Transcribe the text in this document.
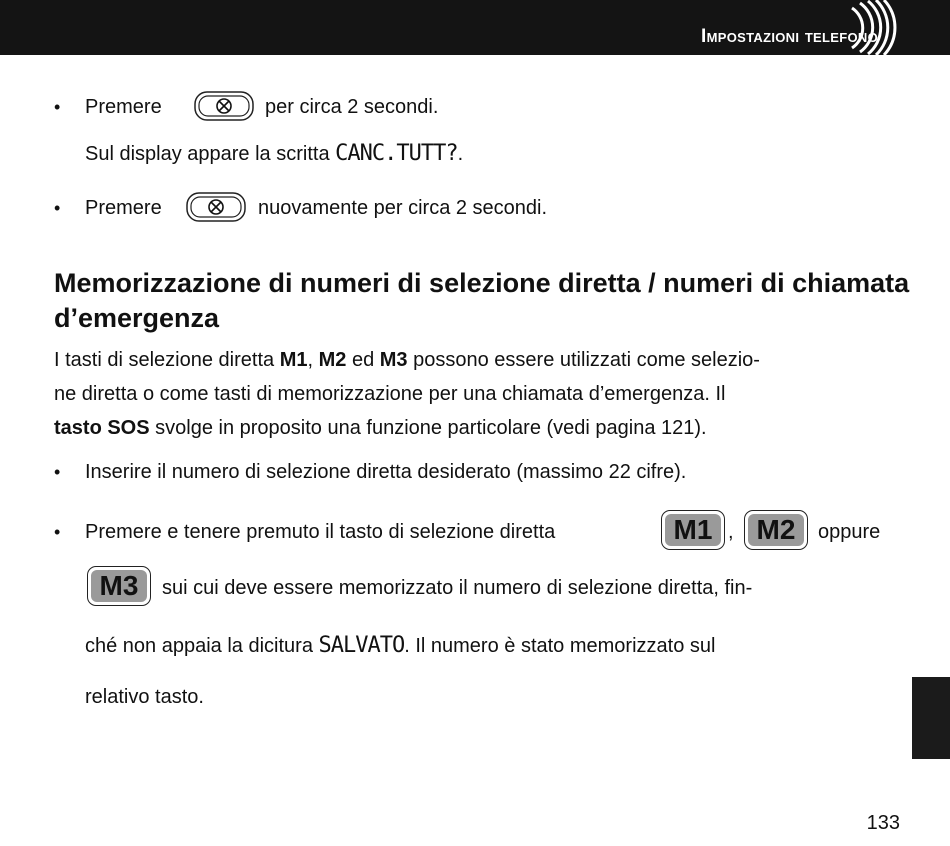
Impostazioni telefono
• Premere	per circa 2 secondi.
Sul display appare la scritta CANC.TUTT?.
• Premere	nuovamente per circa 2 secondi.
Memorizzazione di numeri di selezione diretta / numeri di chiamata d’emergenza
I tasti di selezione diretta M1, M2 ed M3 possono essere utilizzati come selezio-
ne diretta o come tasti di memorizzazione per una chiamata d’emergenza. Il
tasto SOS svolge in proposito una funzione particolare (vedi pagina 121).
• Inserire il numero di selezione diretta desiderato (massimo 22 cifre).
• Premere e tenere premuto il tasto di selezione diretta	M1 , M2	oppure
M3	sui cui deve essere memorizzato il numero di selezione diretta, fin-
ché non appaia la dicitura SALVATO. Il numero è stato memorizzato sul
relativo tasto.
133
